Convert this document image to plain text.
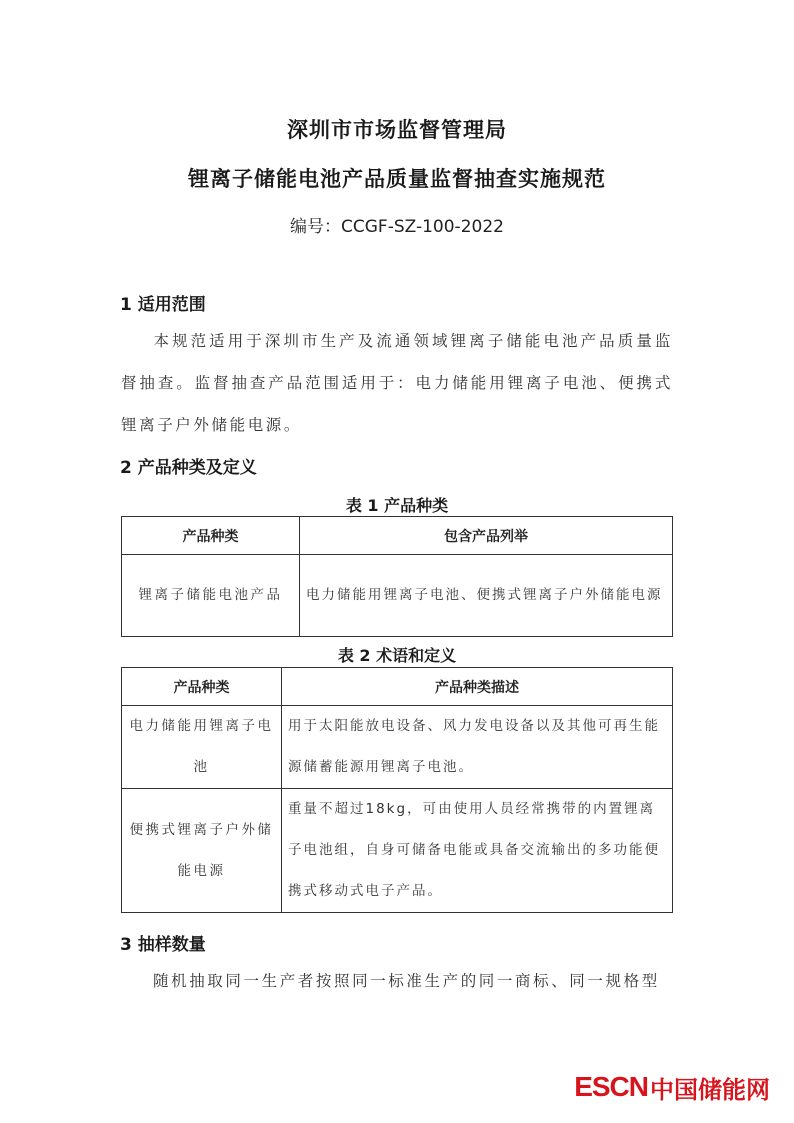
深圳市市场监督管理局
锂离子储能电池产品质量监督抽查实施规范
编号：CCGF-SZ-100-2022
1 适用范围
本规范适用于深圳市生产及流通领域锂离子储能电池产品质量监督抽查。监督抽查产品范围适用于：电力储能用锂离子电池、便携式锂离子户外储能电源。
2 产品种类及定义
表 1 产品种类
产品种类	包含产品列举
锂离子储能电池产品	电力储能用锂离子电池、便携式锂离子户外储能电源
表 2 术语和定义
产品种类	产品种类描述
电力储能用锂离子电池	用于太阳能放电设备、风力发电设备以及其他可再生能源储蓄能源用锂离子电池。
便携式锂离子户外储能电源	重量不超过18kg，可由使用人员经常携带的内置锂离子电池组，自身可储备电能或具备交流输出的多功能便携式移动式电子产品。
3 抽样数量
随机抽取同一生产者按照同一标准生产的同一商标、同一规格型
ESCN 中国储能网
